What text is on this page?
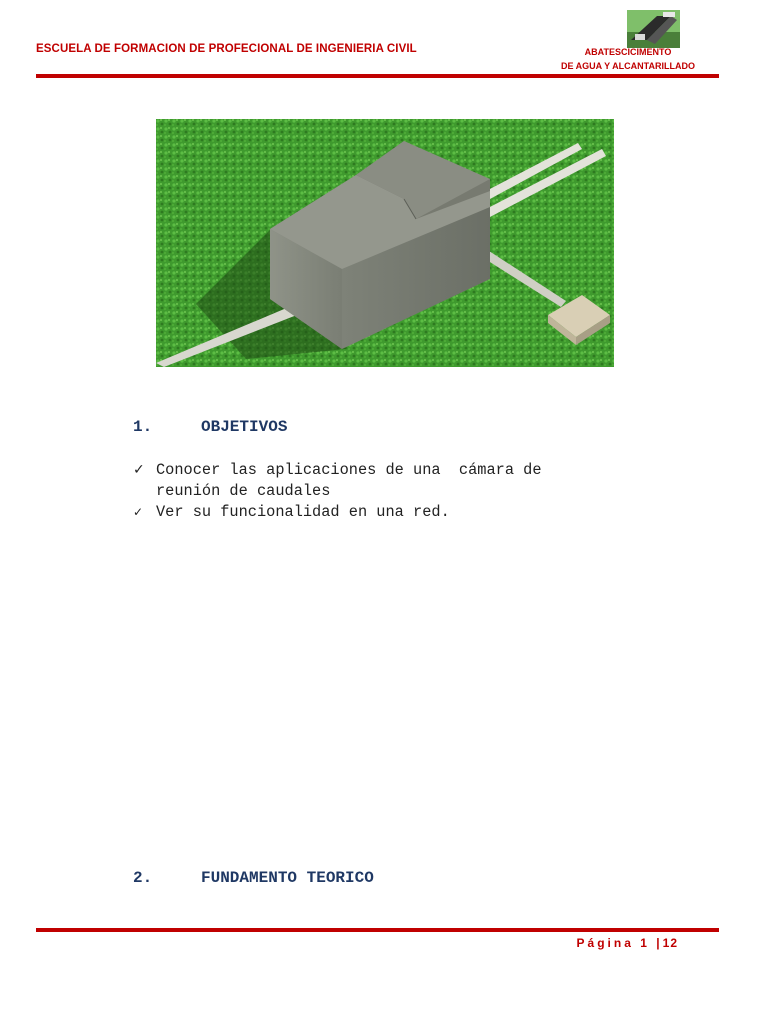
ESCUELA DE FORMACION DE PROFECIONAL DE INGENIERIA CIVIL	ABATESCICIMENTO
DE AGUA Y ALCANTARILLADO
1.	OBJETIVOS
✓ Conocer las aplicaciones de una  cámara de
reunión de caudales
✓ Ver su funcionalidad en una red.
2.	FUNDAMENTO TEORICO
Página 1 | 12
